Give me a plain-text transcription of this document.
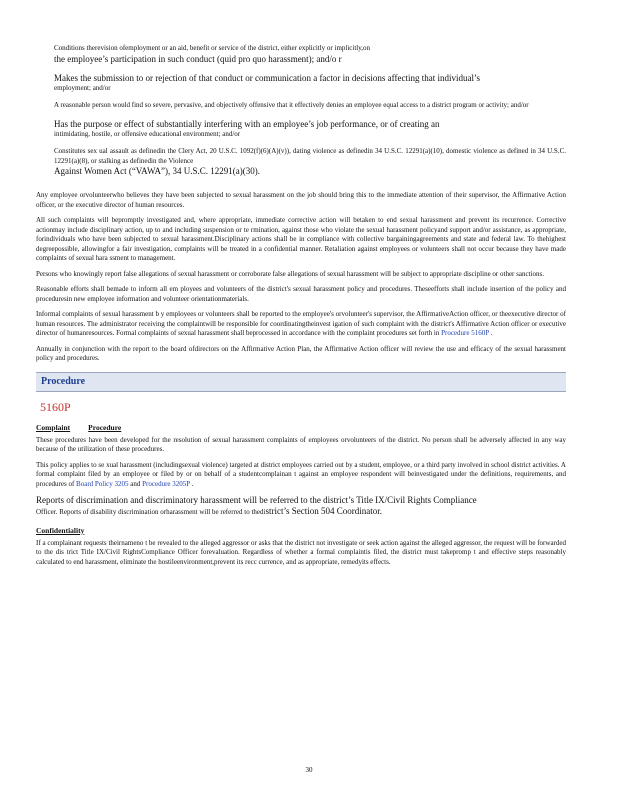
Conditions therevision ofemployment or an aid, benefit or service of the district, either explicitly or implicitly,on
the employee’s participation in such conduct (quid pro quo harassment); and/o r
Makes the submission to or rejection of that conduct or communication a factor in decisions affecting that individual’s
employment; and/or
A reasonable person would find so severe, pervasive, and objectively offensive that it effectively denies an employee equal access to a district program or activity; and/or
Has the purpose or effect of substantially interfering with an employee’s job performance, or of creating an
intimidating, hostile, or offensive educational environment; and/or
Constitutes sex ual assault as definedin the Clery Act, 20 U.S.C. 1092(f)(6)(A)(v)), dating violence as definedin 34 U.S.C. 12291(a)(10), domestic violence as defined in 34 U.S.C. 12291(a)(8), or stalking as definedin the Violence
Against Women Act (“VAWA”), 34 U.S.C. 12291(a)(30).

Any employee orvolunteerwho believes they have been subjected to sexual harassment on the job should bring this to the immediate attention of their supervisor, the Affirmative Action officer, or the executive director of human resources.

All such complaints will bepromptly investigated and, where appropriate, immediate corrective action will betaken to end sexual harassment and prevent its recurrence. Corrective actionmay include disciplinary action, up to and including suspension or te rmination, against those who violate the sexual harassment policyand support and/or assistance, as appropriate, forindividuals who have been subjected to sexual harassment.Disciplinary actions shall be in compliance with collective bargainingagreements and state and federal law. To thehighest degreepossible, allowingfor a fair investigation, complaints will be treated in a confidential manner. Retaliation against employees or volunteers shall not occur because they have made complaints of sexual hara ssment to management.

Persons who knowingly report false allegations of sexual harassment or corroborate false allegations of sexual harassment will be subject to appropriate discipline or other sanctions.

Reasonable efforts shall bemade to inform all em ployees and volunteers of the district's sexual harassment policy and procedures. Theseefforts shall include insertion of the policy and proceduresin new employee information and volunteer orientationmaterials.

Informal complaints of sexual harassment b y employees or volunteers shall be reported to the employee's orvolunteer's supervisor, the AffirmativeAction officer, or theexecutive director of human resources. The administrator receiving the complaintwill be responsible for coordinatingtheinvest igation of such complaint with the district's Affirmative Action officer or executive director of humanresources. Formal complaints of sexual harassment shall beprocessed in accordance with the complaint procedures set forth in Procedure 5160P .

Annually in conjunction with the report to the board ofdirectors on the Affirmative Action Plan, the Affirmative Action officer will review the use and efficacy of the sexual harassment policy and procedures.

Procedure
5160P
Complaint Procedure

These procedures have been developed for the resolution of sexual harassment complaints of employees orvolunteers of the district. No person shall be adversely affected in any way because of the utilization of these procedures.

This policy applies to se xual harassment (includingsexual violence) targeted at district employees carried out by a student, employee, or a third party involved in school district activities. A formal complaint filed by an employee or filed by or on behalf of a studentcomplainan t against an employee respondent will beinvestigated under the definitions, requirements, and procedures of Board Policy 3205 and Procedure 3205P .

Reports of discrimination and discriminatory harassment will be referred to the district’s Title IX/Civil Rights Compliance
Officer. Reports of disability discrimination orharassment will be referred to thedistrict’s Section 504 Coordinator.

Confidentiality

If a complainant requests theirnameno t be revealed to the alleged aggressor or asks that the district not investigate or seek action against the alleged aggressor, the request will be forwarded to the dis trict Title IX/Civil RightsCompliance Officer forevaluation. Regardless of whether a formal complaintis filed, the district must takepromp t and effective steps reasonably calculated to end harassment, eliminate the hostileenvironment,prevent its recc currence, and as appropriate, remedyits effects.

30
